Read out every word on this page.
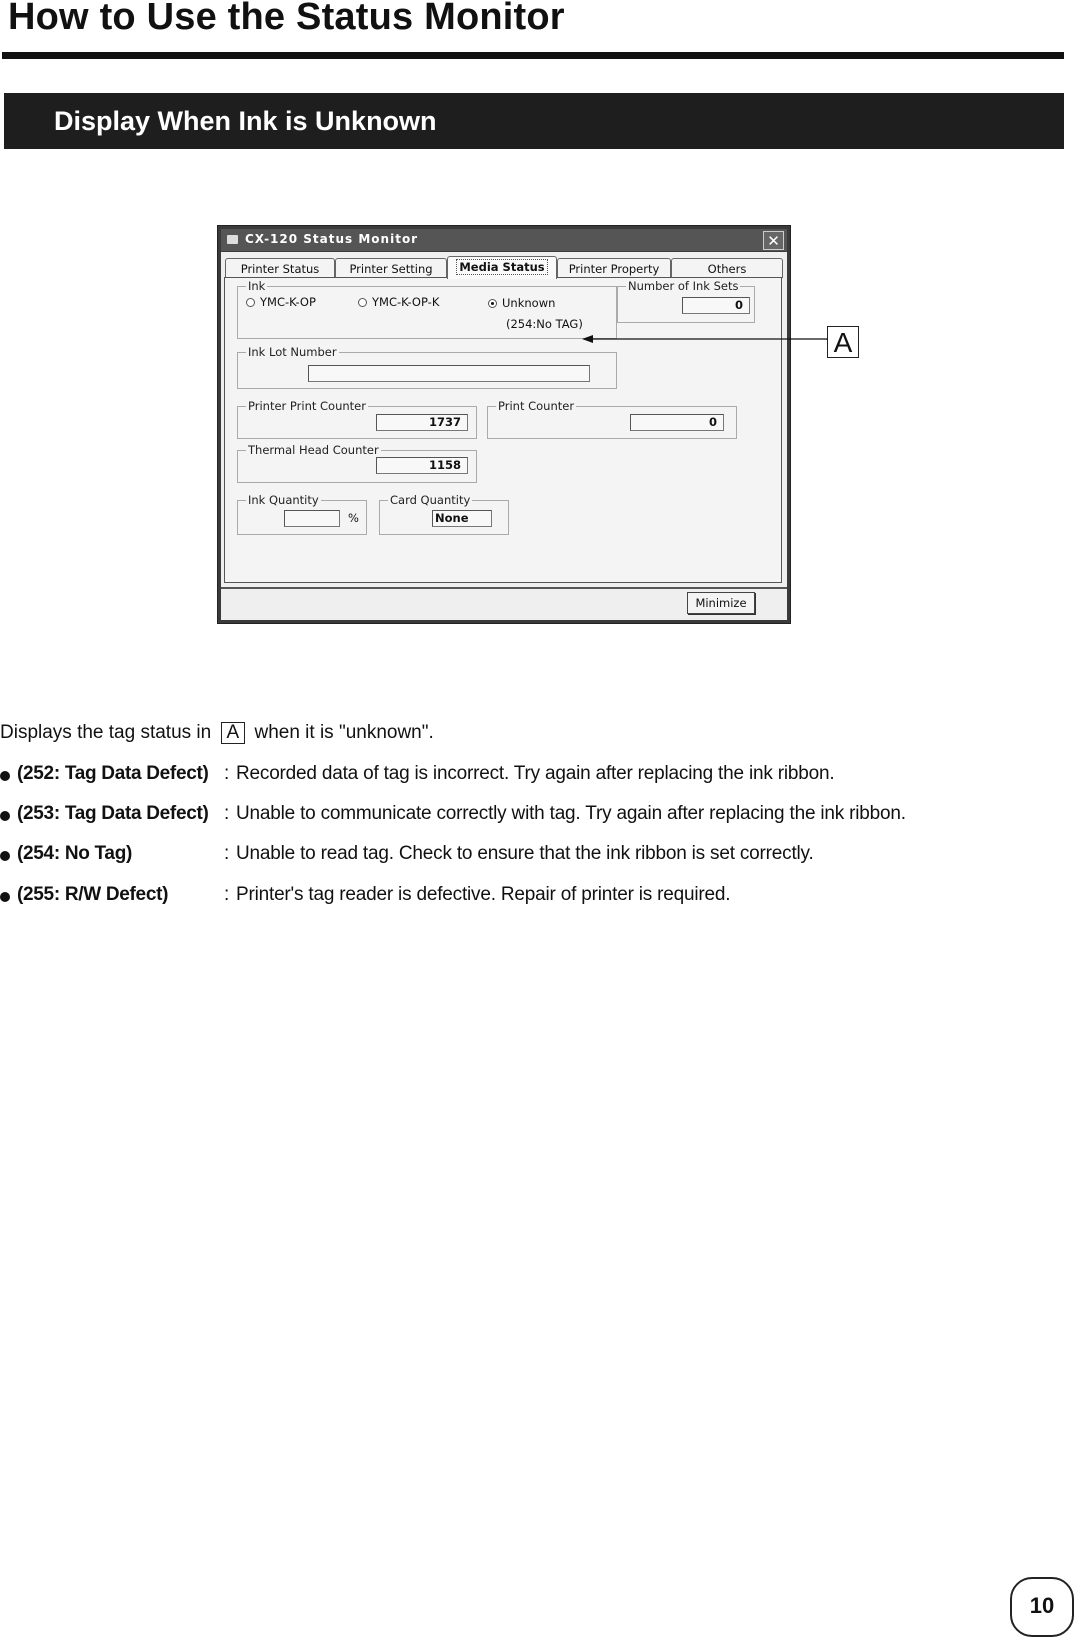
How to Use the Status Monitor
Display When Ink is Unknown
CX-120 Status Monitor	✕
Printer Status	Printer Setting	Media Status	Printer Property	Others
Ink
YMC-K-OP	YMC-K-OP-K	Unknown
(254:No TAG)
Number of Ink Sets
0
Ink Lot Number
Printer Print Counter
1737
Print Counter
0
Thermal Head Counter
1158
Ink Quantity
%
Card Quantity
None
Minimize
A
Displays the tag status in A when it is "unknown".
(252: Tag Data Defect) : Recorded data of tag is incorrect. Try again after replacing the ink ribbon.
(253: Tag Data Defect) : Unable to communicate correctly with tag. Try again after replacing the ink ribbon.
(254: No Tag)	: Unable to read tag. Check to ensure that the ink ribbon is set correctly.
(255: R/W Defect)	: Printer's tag reader is defective. Repair of printer is required.
10
